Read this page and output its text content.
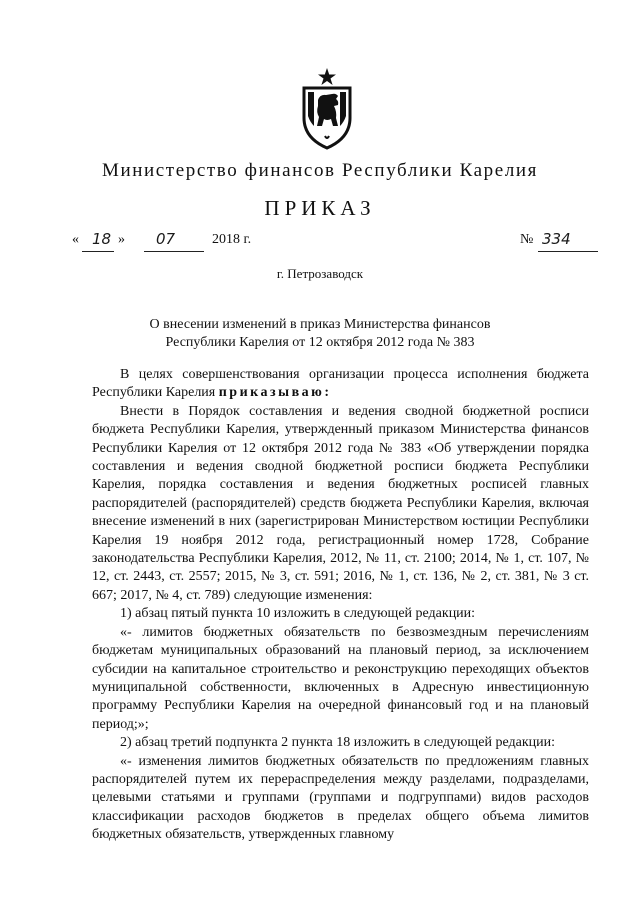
Министерство финансов Республики Карелия
ПРИКАЗ
« 18 » 07	2018 г.	№ 334
г. Петрозаводск
О внесении изменений в приказ Министерства финансов
Республики Карелия от 12 октября 2012 года № 383

В целях совершенствования организации процесса исполнения бюджета Республики Карелия приказываю:

Внести в Порядок составления и ведения сводной бюджетной росписи бюджета Республики Карелия, утвержденный приказом Министерства финансов Республики Карелия от 12 октября 2012 года № 383 «Об утверждении порядка составления и ведения сводной бюджетной росписи бюджета Республики Карелия, порядка составления и ведения бюджетных росписей главных распорядителей (распорядителей) средств бюджета Республики Карелия, включая внесение изменений в них (зарегистрирован Министерством юстиции Республики Карелия 19 ноября 2012 года, регистрационный номер 1728, Собрание законодательства Республики Карелия, 2012, № 11, ст. 2100; 2014, № 1, ст. 107, № 12, ст. 2443, ст. 2557; 2015, № 3, ст. 591; 2016, № 1, ст. 136, № 2, ст. 381, № 3 ст. 667; 2017, № 4, ст. 789) следующие изменения:

1) абзац пятый пункта 10 изложить в следующей редакции:

«- лимитов бюджетных обязательств по безвозмездным перечислениям бюджетам муниципальных образований на плановый период, за исключением субсидии на капитальное строительство и реконструкцию переходящих объектов муниципальной собственности, включенных в Адресную инвестиционную программу Республики Карелия на очередной финансовый год и на плановый период;»;

2) абзац третий подпункта 2 пункта 18 изложить в следующей редакции:

«- изменения лимитов бюджетных обязательств по предложениям главных распорядителей путем их перераспределения между разделами, подразделами, целевыми статьями и группами (группами и подгруппами) видов расходов классификации расходов бюджетов в пределах общего объема лимитов бюджетных обязательств, утвержденных главному
